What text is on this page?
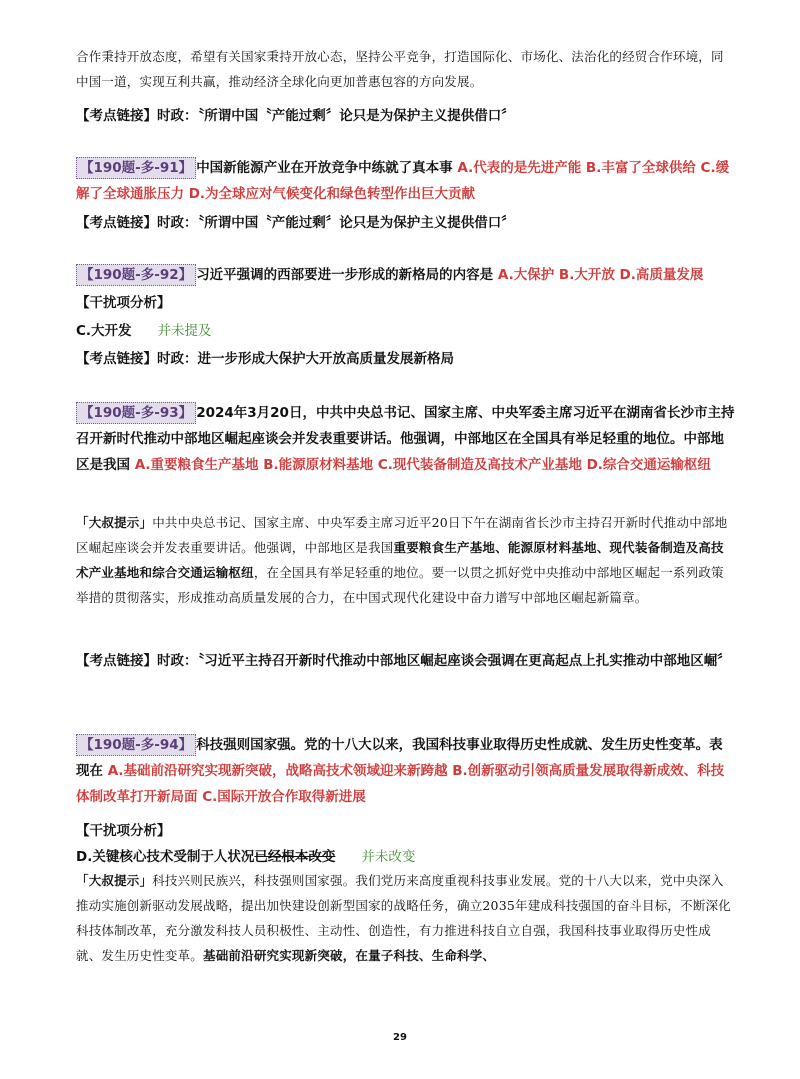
合作秉持开放态度，希望有关国家秉持开放心态，坚持公平竞争，打造国际化、市场化、法治化的经贸合作环境，同中国一道，实现互利共赢，推动经济全球化向更加普惠包容的方向发展。

【考点链接】时政：〝所谓中国〝产能过剩〞论只是为保护主义提供借口〞

【190题-多-91】 中国新能源产业在开放竞争中练就了真本事 A.代表的是先进产能 B.丰富了全球供给 C.缓解了全球通胀压力 D.为全球应对气候变化和绿色转型作出巨大贡献

【考点链接】时政：〝所谓中国〝产能过剩〞论只是为保护主义提供借口〞

【190题-多-92】 习近平强调的西部要进一步形成的新格局的内容是 A.大保护 B.大开放 D.高质量发展

【干扰项分析】

C.大开发 并未提及

【考点链接】时政：进一步形成大保护大开放高质量发展新格局

【190题-多-93】 2024年3月20日，中共中央总书记、国家主席、中央军委主席习近平在湖南省长沙市主持召开新时代推动中部地区崛起座谈会并发表重要讲话。他强调，中部地区在全国具有举足轻重的地位。中部地区是我国 A.重要粮食生产基地 B.能源原材料基地 C.现代装备制造及高技术产业基地 D.综合交通运输枢纽

「大叔提示」中共中央总书记、国家主席、中央军委主席习近平20日下午在湖南省长沙市主持召开新时代推动中部地区崛起座谈会并发表重要讲话。他强调，中部地区是我国重要粮食生产基地、能源原材料基地、现代装备制造及高技术产业基地和综合交通运输枢纽，在全国具有举足轻重的地位。要一以贯之抓好党中央推动中部地区崛起一系列政策举措的贯彻落实，形成推动高质量发展的合力，在中国式现代化建设中奋力谱写中部地区崛起新篇章。

【考点链接】时政：〝习近平主持召开新时代推动中部地区崛起座谈会强调在更高起点上扎实推动中部地区崛〞

【190题-多-94】 科技强则国家强。党的十八大以来，我国科技事业取得历史性成就、发生历史性变革。表现在 A.基础前沿研究实现新突破，战略高技术领域迎来新跨越 B.创新驱动引领高质量发展取得新成效、科技体制改革打开新局面 C.国际开放合作取得新进展

【干扰项分析】

D.关键核心技术受制于人状况已经根本改变 并未改变

「大叔提示」科技兴则民族兴，科技强则国家强。我们党历来高度重视科技事业发展。党的十八大以来，党中央深入推动实施创新驱动发展战略，提出加快建设创新型国家的战略任务，确立2035年建成科技强国的奋斗目标，不断深化科技体制改革，充分激发科技人员积极性、主动性、创造性，有力推进科技自立自强，我国科技事业取得历史性成就、发生历史性变革。基础前沿研究实现新突破，在量子科技、生命科学、

29
